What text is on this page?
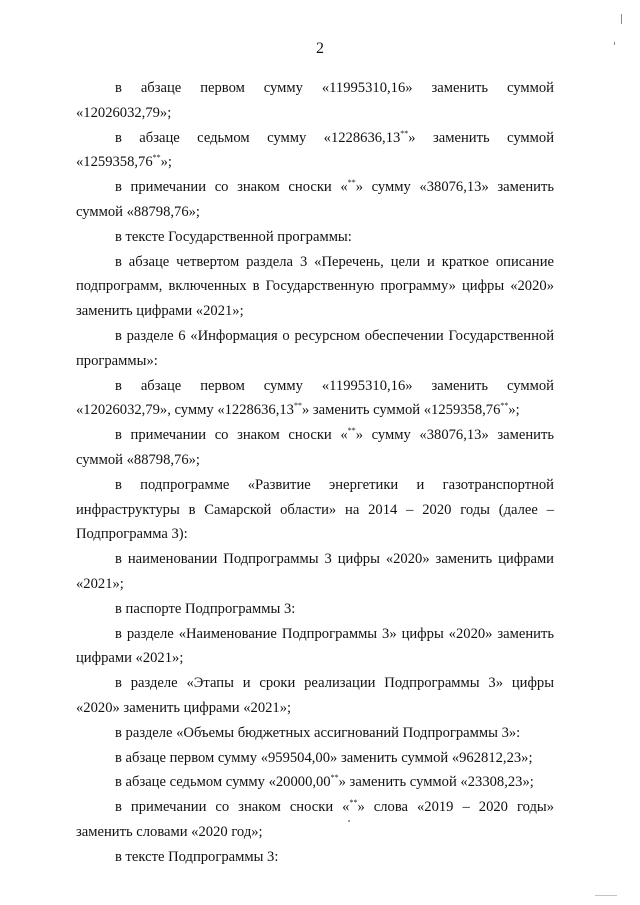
2

в абзаце первом сумму «11995310,16» заменить суммой «12026032,79»;

в абзаце седьмом сумму «1228636,13**» заменить суммой «1259358,76**»;

в примечании со знаком сноски «**» сумму «38076,13» заменить суммой «88798,76»;

в тексте Государственной программы:

в абзаце четвертом раздела 3 «Перечень, цели и краткое описание подпрограмм, включенных в Государственную программу» цифры «2020» заменить цифрами «2021»;

в разделе 6 «Информация о ресурсном обеспечении Государственной программы»:

в абзаце первом сумму «11995310,16» заменить суммой «12026032,79», сумму «1228636,13**» заменить суммой «1259358,76**»;

в примечании со знаком сноски «**» сумму «38076,13» заменить суммой «88798,76»;

в подпрограмме «Развитие энергетики и газотранспортной инфраструктуры в Самарской области» на 2014 – 2020 годы (далее – Подпрограмма 3):

в наименовании Подпрограммы 3 цифры «2020» заменить цифрами «2021»;

в паспорте Подпрограммы 3:

в разделе «Наименование Подпрограммы 3» цифры «2020» заменить цифрами «2021»;

в разделе «Этапы и сроки реализации Подпрограммы 3» цифры «2020» заменить цифрами «2021»;

в разделе «Объемы бюджетных ассигнований Подпрограммы 3»:

в абзаце первом сумму «959504,00» заменить суммой «962812,23»;

в абзаце седьмом сумму «20000,00**» заменить суммой «23308,23»;

в примечании со знаком сноски «**» слова «2019 – 2020 годы» заменить словами «2020 год»;

в тексте Подпрограммы 3:
